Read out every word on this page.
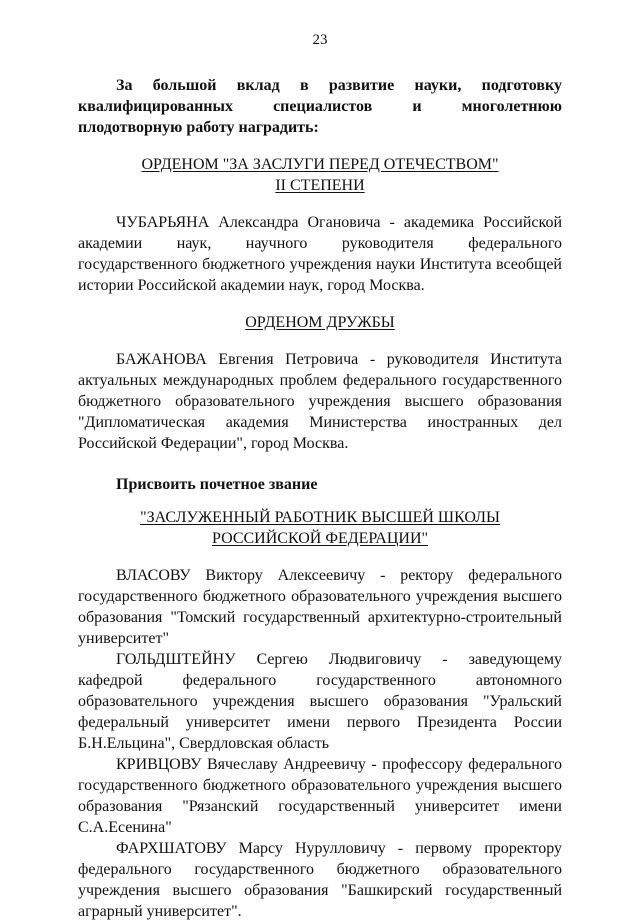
23

За большой вклад в развитие науки, подготовку квалифицированных специалистов и многолетнюю плодотворную работу наградить:

ОРДЕНОМ "ЗА ЗАСЛУГИ ПЕРЕД ОТЕЧЕСТВОМ"
II СТЕПЕНИ

ЧУБАРЬЯНА Александра Огановича - академика Российской академии наук, научного руководителя федерального государственного бюджетного учреждения науки Института всеобщей истории Российской академии наук, город Москва.

ОРДЕНОМ ДРУЖБЫ

БАЖАНОВА Евгения Петровича - руководителя Института актуальных международных проблем федерального государственного бюджетного образовательного учреждения высшего образования "Дипломатическая академия Министерства иностранных дел Российской Федерации", город Москва.

Присвоить почетное звание

"ЗАСЛУЖЕННЫЙ РАБОТНИК ВЫСШЕЙ ШКОЛЫ
РОССИЙСКОЙ ФЕДЕРАЦИИ"

ВЛАСОВУ Виктору Алексеевичу - ректору федерального государственного бюджетного образовательного учреждения высшего образования "Томский государственный архитектурно-строительный университет"

ГОЛЬДШТЕЙНУ Сергею Людвиговичу - заведующему кафедрой федерального государственного автономного образовательного учреждения высшего образования "Уральский федеральный университет имени первого Президента России Б.Н.Ельцина", Свердловская область

КРИВЦОВУ Вячеславу Андреевичу - профессору федерального государственного бюджетного образовательного учреждения высшего образования "Рязанский государственный университет имени С.А.Есенина"

ФАРХШАТОВУ Марсу Нурулловичу - первому проректору федерального государственного бюджетного образовательного учреждения высшего образования "Башкирский государственный аграрный университет".
